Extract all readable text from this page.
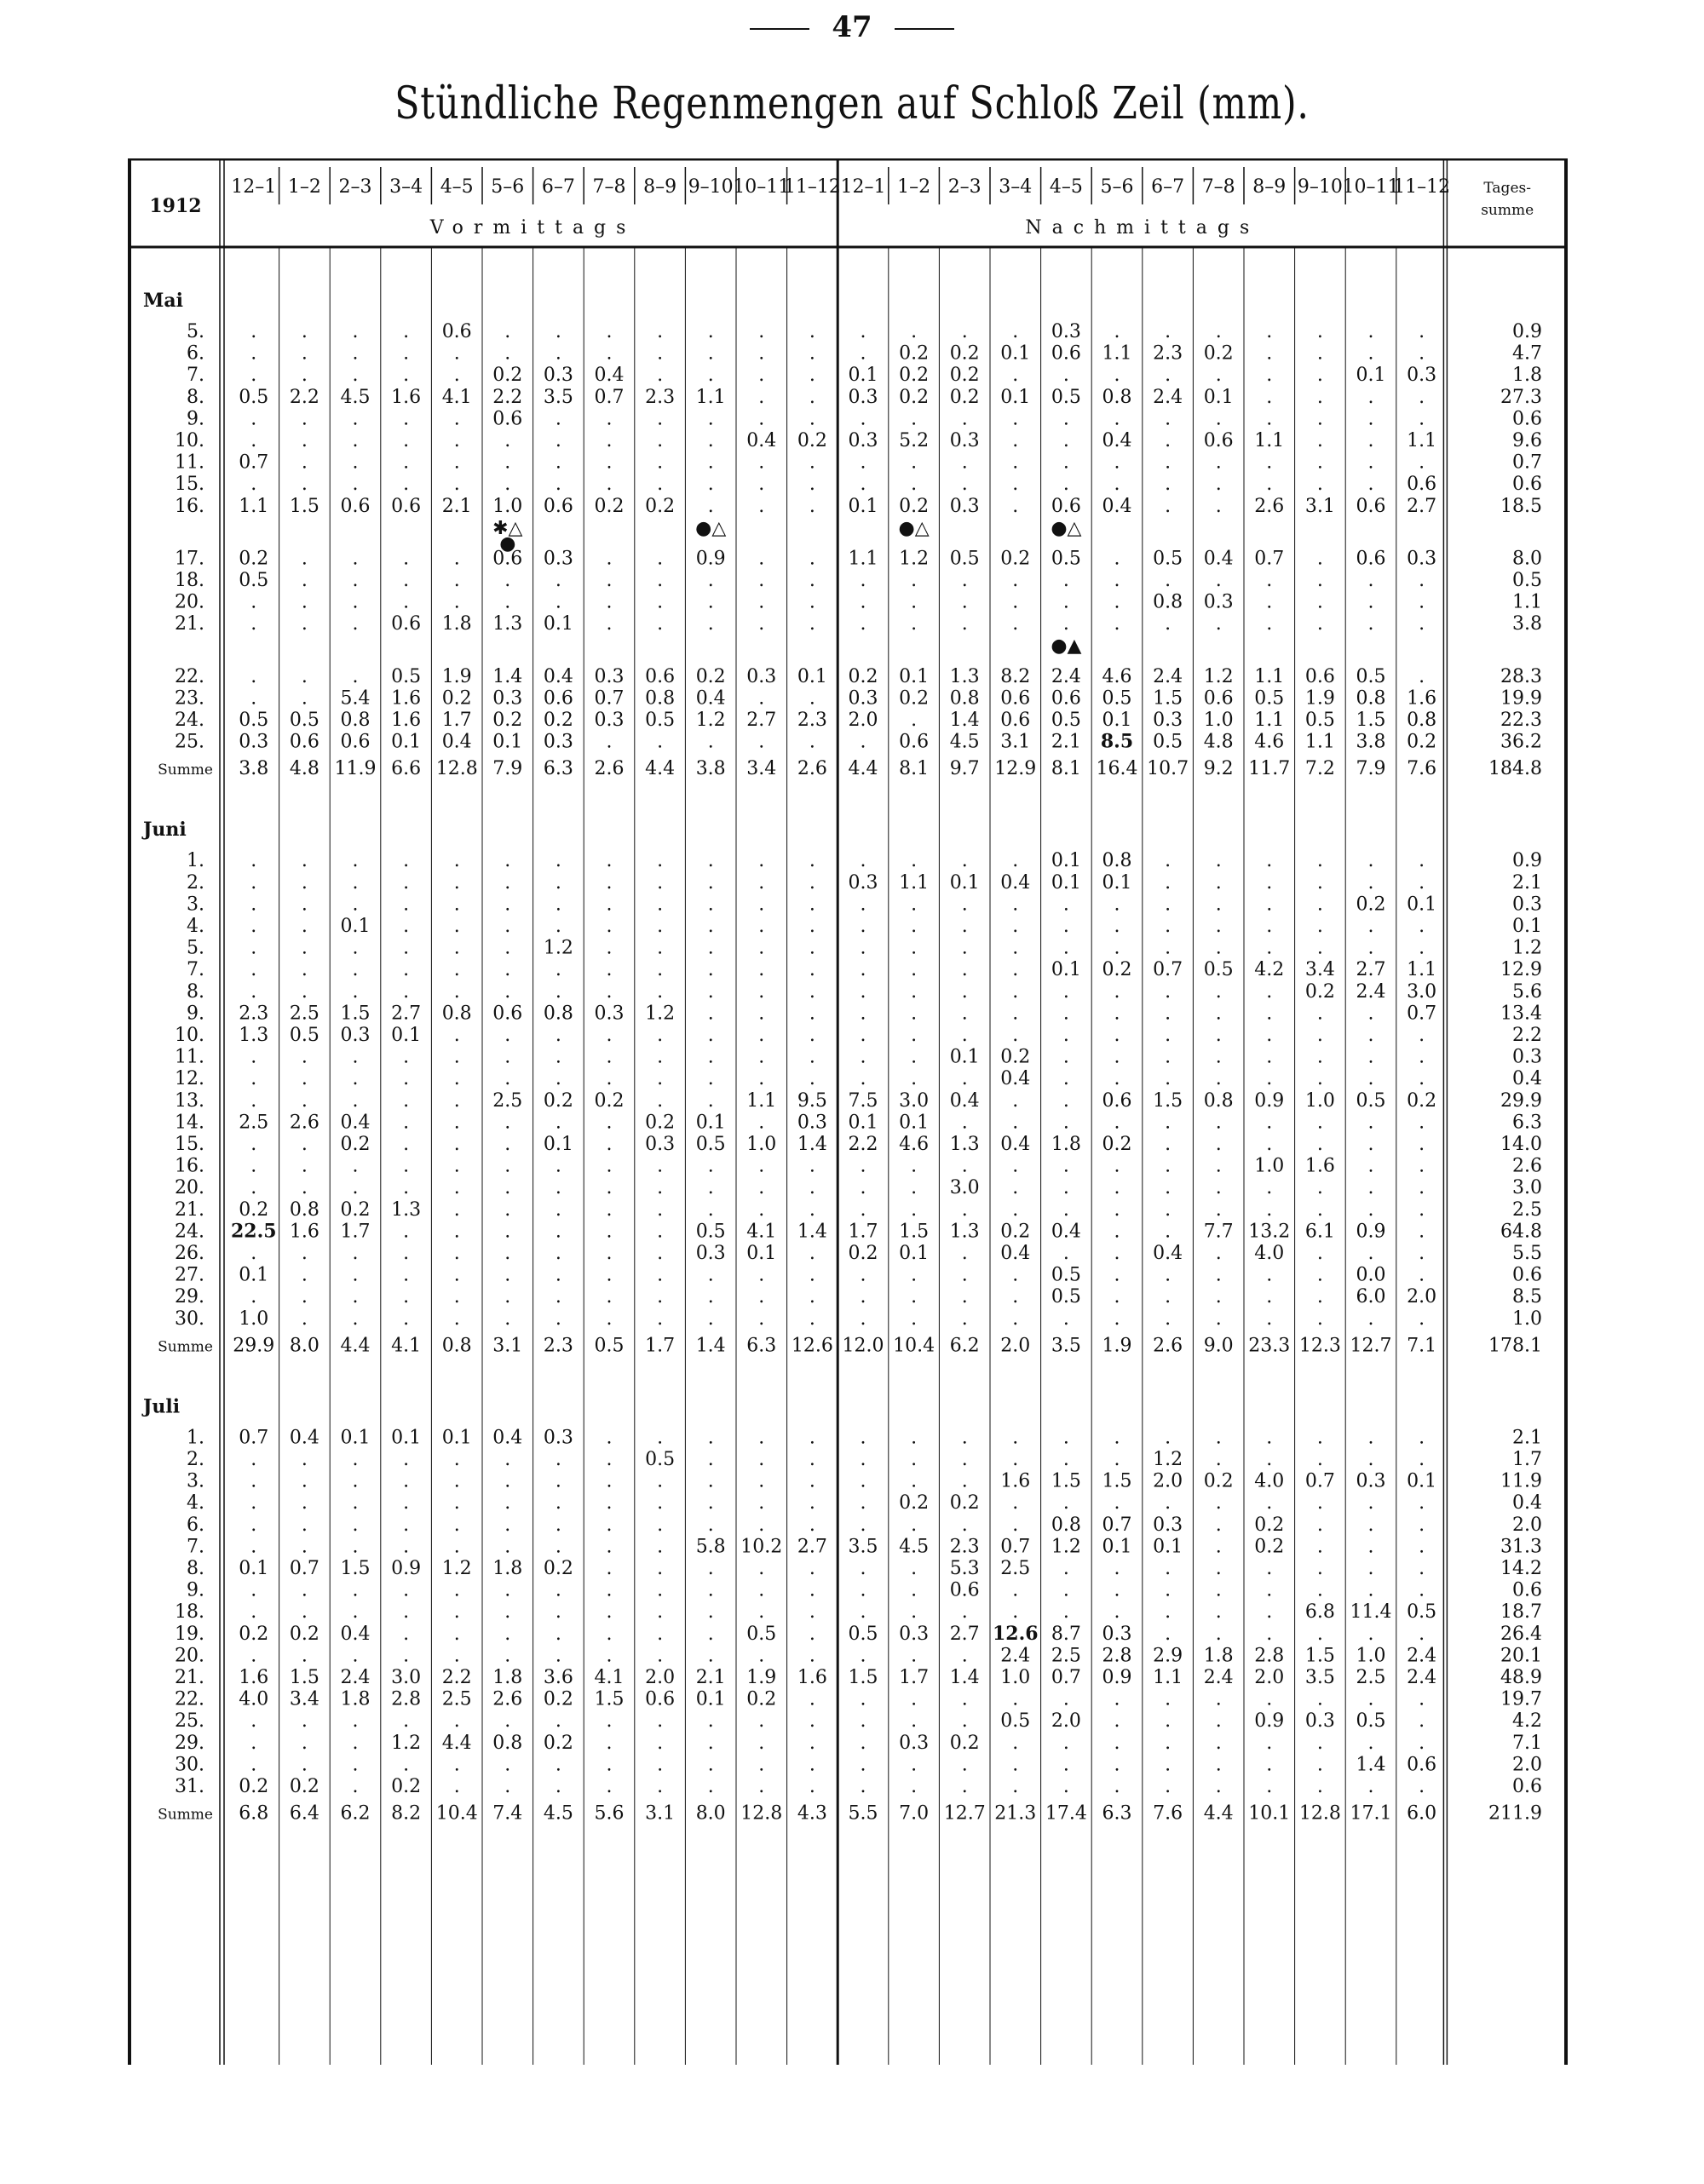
47
Stündliche Regenmengen auf Schloß Zeil (mm).
1912
12–1 1–2 2–3 3–4 4–5 5–6 6–7 7–8 8–9 9–10 10–11
11–12 12–1 1–2 2–3 3–4 4–5 5–6 6–7 7–8 8–9 9–10 10–11
11–12
Vormittags	Nachmittags
Tages-
summe
Mai
5. . . . . 0.6 . . . . . . . . . . . 0.3 . . . . . . .	0.9
6. . . . . . . . . . . . . . 0.2 0.2 0.1 0.6 1.1 2.3 0.2 . . . .	4.7
7. . . . . . 0.2 0.3 0.4 . . . . 0.1 0.2 0.2 . . . . . . . 0.1 0.3	1.8
8. 0.5 2.2 4.5 1.6 4.1 2.2 3.5 0.7 2.3 1.1 . . 0.3 0.2 0.2 0.1 0.5 0.8 2.4 0.1 . . . .	27.3
9. . . . . . 0.6 . . . . . . . . . . . . . . . . . .	0.6
10. . . . . . . . . . . 0.4 0.2 0.3 5.2 0.3 . . 0.4 . 0.6 1.1 . . 1.1	9.6
11. 0.7 . . . . . . . . . . . . . . . . . . . . . . .	0.7
15. . . . . . . . . . . . . . . . . . . . . . . . 0.6	0.6
16. 1.1 1.5 0.6 0.6 2.1 1.0 0.6 0.2 0.2 . . . 0.1 0.2 0.3 . 0.6 0.4 . . 2.6 3.1 0.6 2.7	18.5
17. 0.2 . . . . 0.6 0.3 . . 0.9 . . 1.1 1.2 0.5 0.2 0.5 . 0.5 0.4 0.7 . 0.6 0.3	8.0
18. 0.5 . . . . . . . . . . . . . . . . . . . . . . .	0.5
20. . . . . . . . . . . . . . . . . . . 0.8 0.3 . . . .	1.1
21. . . . 0.6 1.8 1.3 0.1 . . . . . . . . . . . . . . . . .	3.8
22. . . . 0.5 1.9 1.4 0.4 0.3 0.6 0.2 0.3 0.1 0.2 0.1 1.3 8.2 2.4 4.6 2.4 1.2 1.1 0.6 0.5 .	28.3
23. . . 5.4 1.6 0.2 0.3 0.6 0.7 0.8 0.4 . . 0.3 0.2 0.8 0.6 0.6 0.5 1.5 0.6 0.5 1.9 0.8 1.6	19.9
24. 0.5 0.5 0.8 1.6 1.7 0.2 0.2 0.3 0.5 1.2 2.7 2.3 2.0 . 1.4 0.6 0.5 0.1 0.3 1.0 1.1 0.5 1.5 0.8	22.3
25. 0.3 0.6 0.6 0.1 0.4 0.1 0.3 . . . . . . 0.6 4.5 3.1 2.1 8.5 0.5 4.8 4.6 1.1 3.8 0.2	36.2
Summe 3.8 4.8 11.9 6.6 12.8 7.9 6.3 2.6 4.4 3.8 3.4 2.6 4.4 8.1 9.7 12.9 8.1 16.4 10.7 9.2 11.7 7.2 7.9 7.6	184.8
Juni
1. . . . . . . . . . . . . . . . . 0.1 0.8 . . . . . .	0.9
2. . . . . . . . . . . . . 0.3 1.1 0.1 0.4 0.1 0.1 . . . . . .	2.1
3. . . . . . . . . . . . . . . . . . . . . . . 0.2 0.1	0.3
4. . . 0.1 . . . . . . . . . . . . . . . . . . . . .	0.1
5. . . . . . . 1.2 . . . . . . . . . . . . . . . . .	1.2
7. . . . . . . . . . . . . . . . . 0.1 0.2 0.7 0.5 4.2 3.4 2.7 1.1	12.9
8. . . . . . . . . . . . . . . . . . . . . . 0.2 2.4 3.0	5.6
9. 2.3 2.5 1.5 2.7 0.8 0.6 0.8 0.3 1.2 . . . . . . . . . . . . . . 0.7	13.4
10. 1.3 0.5 0.3 0.1 . . . . . . . . . . . . . . . . . . . .	2.2
11. . . . . . . . . . . . . . . 0.1 0.2 . . . . . . . .	0.3
12. . . . . . . . . . . . . . . . 0.4 . . . . . . . .	0.4
13. . . . . . 2.5 0.2 0.2 . . 1.1 9.5 7.5 3.0 0.4 . . 0.6 1.5 0.8 0.9 1.0 0.5 0.2	29.9
14. 2.5 2.6 0.4 . . . . . 0.2 0.1 . 0.3 0.1 0.1 . . . . . . . . . .	6.3
15. . . 0.2 . . . 0.1 . 0.3 0.5 1.0 1.4 2.2 4.6 1.3 0.4 1.8 0.2 . . . . . .	14.0
16. . . . . . . . . . . . . . . . . . . . . 1.0 1.6 . .	2.6
20. . . . . . . . . . . . . . . 3.0 . . . . . . . . .	3.0
21. 0.2 0.8 0.2 1.3 . . . . . . . . . . . . . . . . . . . .	2.5
24. 22.5 1.6 1.7 . . . . . . 0.5 4.1 1.4 1.7 1.5 1.3 0.2 0.4 . . 7.7 13.2 6.1 0.9 .	64.8
26. . . . . . . . . . 0.3 0.1 . 0.2 0.1 . 0.4 . . 0.4 . 4.0 . . .	5.5
27. 0.1 . . . . . . . . . . . . . . . 0.5 . . . . . 0.0 .	0.6
29. . . . . . . . . . . . . . . . . 0.5 . . . . . 6.0 2.0	8.5
30. 1.0 . . . . . . . . . . . . . . . . . . . . . . .	1.0
Summe 29.9 8.0 4.4 4.1 0.8 3.1 2.3 0.5 1.7 1.4 6.3 12.6 12.0 10.4 6.2 2.0 3.5 1.9 2.6 9.0 23.3 12.3 12.7 7.1	178.1
Juli
1. 0.7 0.4 0.1 0.1 0.1 0.4 0.3 . . . . . . . . . . . . . . . . .	2.1
2. . . . . . . . . 0.5 . . . . . . . . . 1.2 . . . . .	1.7
3. . . . . . . . . . . . . . . . 1.6 1.5 1.5 2.0 0.2 4.0 0.7 0.3 0.1	11.9
4. . . . . . . . . . . . . . 0.2 0.2 . . . . . . . . .	0.4
6. . . . . . . . . . . . . . . . . 0.8 0.7 0.3 . 0.2 . . .	2.0
7. . . . . . . . . . 5.8 10.2 2.7 3.5 4.5 2.3 0.7 1.2 0.1 0.1 . 0.2 . . .	31.3
8. 0.1 0.7 1.5 0.9 1.2 1.8 0.2 . . . . . . . 5.3 2.5 . . . . . . . .	14.2
9. . . . . . . . . . . . . . . 0.6 . . . . . . . . .	0.6
18. . . . . . . . . . . . . . . . . . . . . . 6.8 11.4 0.5	18.7
19. 0.2 0.2 0.4 . . . . . . . 0.5 . 0.5 0.3 2.7 12.6 8.7 0.3 . . . . . .	26.4
20. . . . . . . . . . . . . . . . 2.4 2.5 2.8 2.9 1.8 2.8 1.5 1.0 2.4	20.1
21. 1.6 1.5 2.4 3.0 2.2 1.8 3.6 4.1 2.0 2.1 1.9 1.6 1.5 1.7 1.4 1.0 0.7 0.9 1.1 2.4 2.0 3.5 2.5 2.4	48.9
22. 4.0 3.4 1.8 2.8 2.5 2.6 0.2 1.5 0.6 0.1 0.2 . . . . . . . . . . . . .	19.7
25. . . . . . . . . . . . . . . . 0.5 2.0 . . . 0.9 0.3 0.5 .	4.2
29. . . . 1.2 4.4 0.8 0.2 . . . . . . 0.3 0.2 . . . . . . . . .	7.1
30. . . . . . . . . . . . . . . . . . . . . . . 1.4 0.6	2.0
31. 0.2 0.2 . 0.2 . . . . . . . . . . . . . . . . . . . .	0.6
Summe 6.8 6.4 6.2 8.2 10.4 7.4 4.5 5.6 3.1 8.0 12.8 4.3 5.5 7.0 12.7 21.3 17.4 6.3 7.6 4.4 10.1 12.8 17.1 6.0	211.9
✱△
●
●△	●△	●△
●▲
